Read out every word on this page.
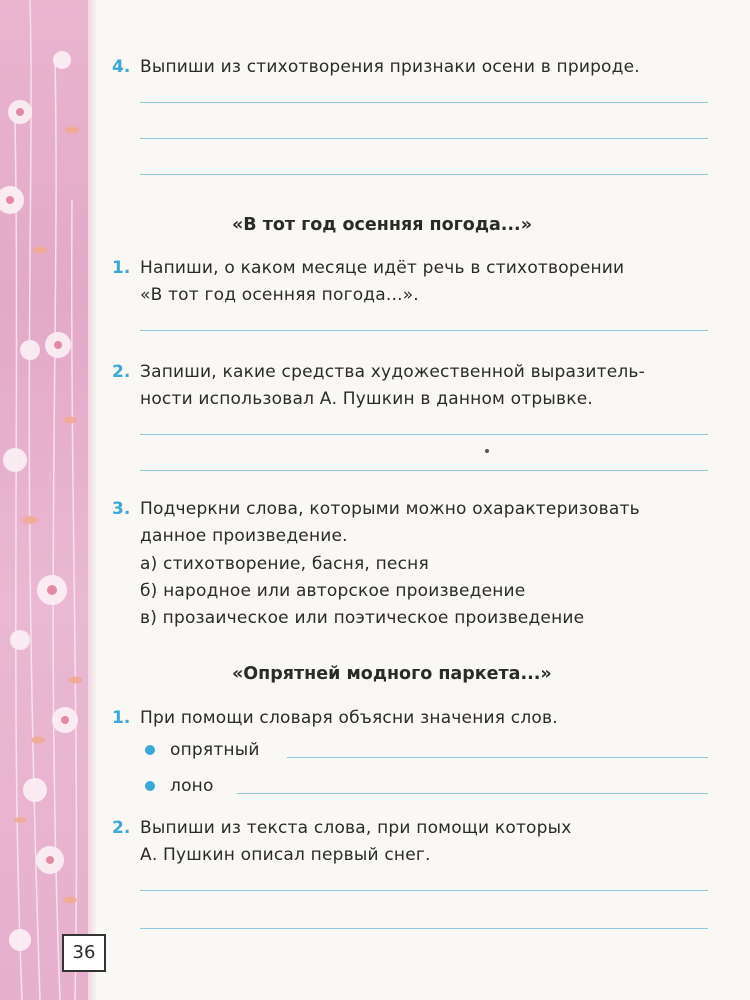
4. Выпиши из стихотворения признаки осени в природе.
«В тот год осенняя погода...»
1. Напиши, о каком месяце идёт речь в стихотворении
«В тот год осенняя погода...».
2. Запиши, какие средства художественной выразитель-
ности использовал А. Пушкин в данном отрывке.
3. Подчеркни слова, которыми можно охарактеризовать
данное произведение.
а) стихотворение, басня, песня
б) народное или авторское произведение
в) прозаическое или поэтическое произведение
«Опрятней модного паркета...»
1. При помощи словаря объясни значения слов.
опрятный
лоно
2. Выпиши из текста слова, при помощи которых
А. Пушкин описал первый снег.
36
